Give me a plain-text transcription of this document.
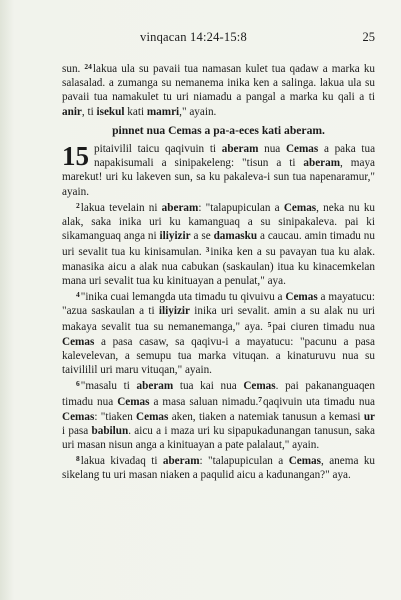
vinqacan 14:24-15:8	25

sun. $^{24}$lakua ula su pavaii tua namasan kulet tua qadaw a marka ku salasalad. a zumanga su nemanema inika ken a salinga. lakua ula su pavaii tua namakulet tu uri niamadu a pangal a marka ku qali a ti anir, ti isekul kati mamri," ayain.

pinnet nua Cemas a pa-a-eces kati aberam.

15 pitaivilil taicu qaqivuin ti aberam nua Cemas a paka tua napakisumali a sinipakeleng: "tisun a ti aberam, maya marekut! uri ku lakeven sun, sa ku pakaleva-i sun tua napenaramur," ayain.

$^2$lakua tevelain ni aberam: "talapupiculan a Cemas, neka nu ku alak, saka inika uri ku kamanguaq a su sinipakaleva. pai ki sikamanguaq anga ni iliyizir a se damasku a caucau. amin timadu nu uri sevalit tua ku kinisamulan. $^3$inika ken a su pavayan tua ku alak. manasika aicu a alak nua cabukan (saskaulan) itua ku kinacemkelan mana uri sevalit tua ku kinituayan a penulat," aya.

$^4$"inika cuai lemangda uta timadu tu qivuivu a Cemas a mayatucu: "azua saskaulan a ti iliyizir inika uri sevalit. amin a su alak nu uri makaya sevalit tua su nemanemanga," aya. $^5$pai ciuren timadu nua Cemas a pasa casaw, sa qaqivu-i a mayatucu: "pacunu a pasa kalevelevan, a semupu tua marka vituqan. a kinaturuvu nua su taivililil uri maru vituqan," ayain.

$^6$"masalu ti aberam tua kai nua Cemas. pai pakananguaqen timadu nua Cemas a masa saluan nimadu.$^7$qaqivuin uta timadu nua Cemas: "tiaken Cemas aken, tiaken a natemiak tanusun a kemasi ur i pasa babilun. aicu a i maza uri ku sipapukadunangan tanusun, saka uri masan nisun anga a kinituayan a pate palalaut," ayain.

$^8$lakua kivadaq ti aberam: "talapupiculan a Cemas, anema ku sikelang tu uri masan niaken a paqulid aicu a kadunangan?" aya.
